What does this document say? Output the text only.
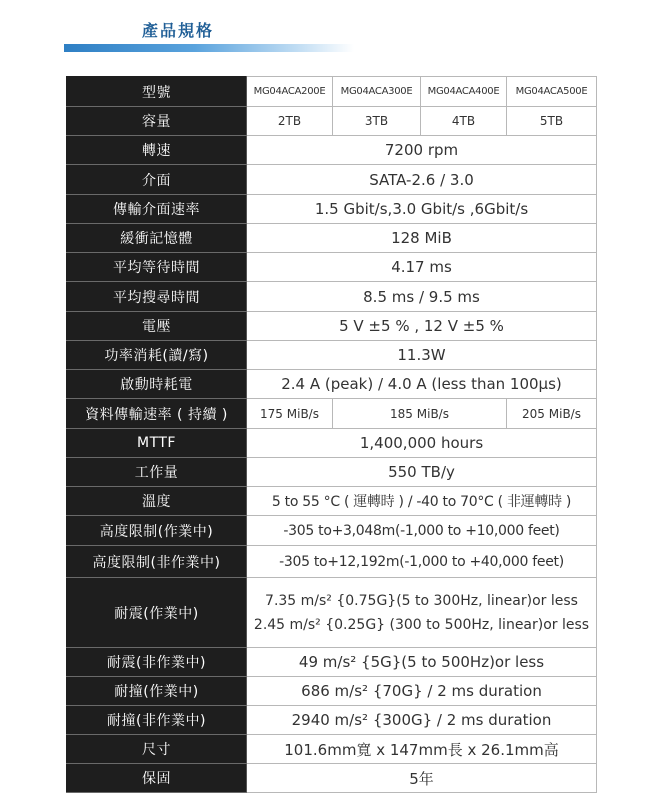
產品規格
型號	MG04ACA200E	MG04ACA300E	MG04ACA400E	MG04ACA500E
容量	2TB	3TB	4TB	5TB
轉速	7200 rpm			
介面	SATA-2.6 / 3.0			
傳輸介面速率	1.5 Gbit/s,3.0 Gbit/s ,6Gbit/s			
緩衝記憶體	128 MiB			
平均等待時間	4.17 ms			
平均搜尋時間	8.5 ms / 9.5 ms			
電壓	5 V ±5 % , 12 V ±5 %			
功率消耗(讀/寫)	11.3W			
啟動時耗電	2.4 A (peak) / 4.0 A (less than 100μs)			
資料傳輸速率 ( 持續 )	175 MiB/s	185 MiB/s		205 MiB/s
MTTF	1,400,000 hours			
工作量	550 TB/y			
溫度	5 to 55 °C ( 運轉時 ) / -40 to 70°C ( 非運轉時 )			
高度限制(作業中)	-305 to+3,048m(-1,000 to +10,000 feet)			
高度限制(非作業中)	-305 to+12,192m(-1,000 to +40,000 feet)			
耐震(作業中)	7.35 m/s² {0.75G}(5 to 300Hz, linear)or less
2.45 m/s² {0.25G} (300 to 500Hz, linear)or less			

耐震(非作業中)	49 m/s² {5G}(5 to 500Hz)or less			
耐撞(作業中)	686 m/s² {70G} / 2 ms duration			
耐撞(非作業中)	2940 m/s² {300G} / 2 ms duration			
尺寸	101.6mm寬 x 147mm長 x 26.1mm高			
保固	5年			
